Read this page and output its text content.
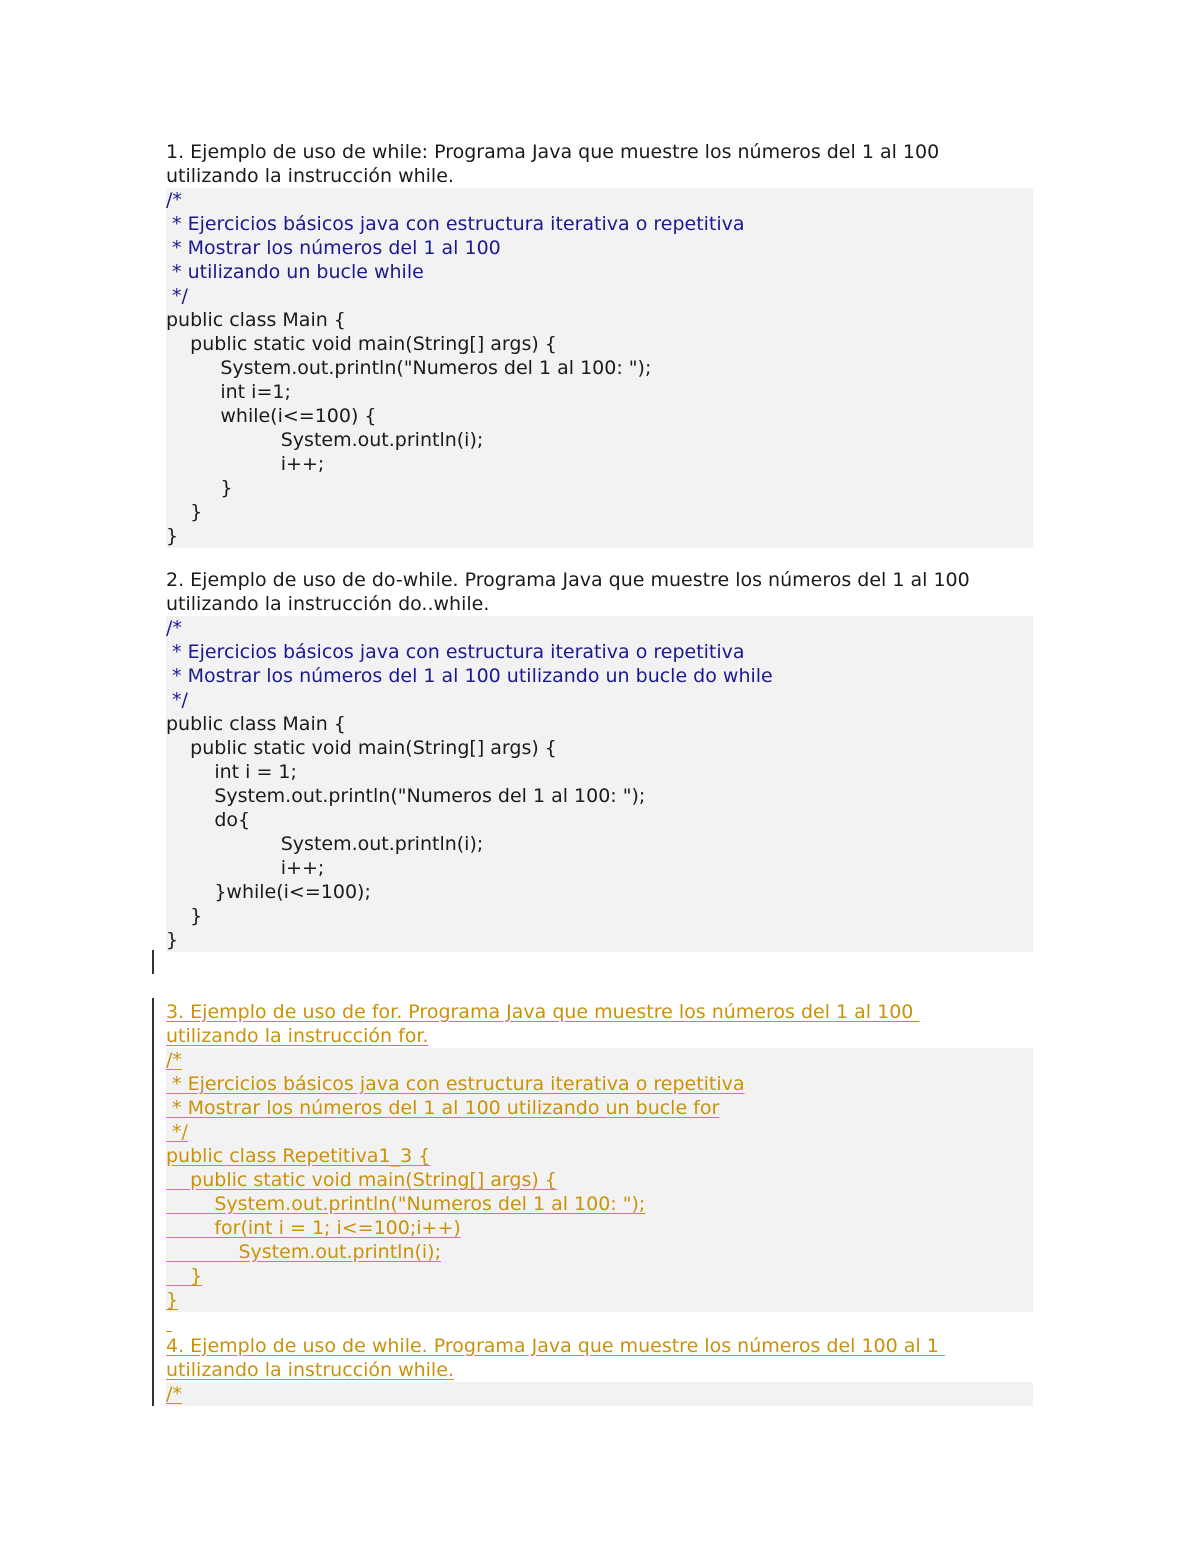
1. Ejemplo de uso de while: Programa Java que muestre los números del 1 al 100
utilizando la instrucción while.
/*
* Ejercicios básicos java con estructura iterativa o repetitiva
* Mostrar los números del 1 al 100
* utilizando un bucle while
*/
public class Main {
public static void main(String[] args) {
System.out.println("Numeros del 1 al 100: ");
int i=1;
while(i<=100) {
System.out.println(i);
i++;
}
}
}
2. Ejemplo de uso de do-while. Programa Java que muestre los números del 1 al 100
utilizando la instrucción do..while.
/*
* Ejercicios básicos java con estructura iterativa o repetitiva
* Mostrar los números del 1 al 100 utilizando un bucle do while
*/
public class Main {
public static void main(String[] args) {
int i = 1;
System.out.println("Numeros del 1 al 100: ");
do{
System.out.println(i);
i++;
}while(i<=100);
}
}
3. Ejemplo de uso de for. Programa Java que muestre los números del 1 al 100
utilizando la instrucción for.
/*
* Ejercicios básicos java con estructura iterativa o repetitiva
* Mostrar los números del 1 al 100 utilizando un bucle for
*/
public class Repetitiva1_3 {
public static void main(String[] args) {
System.out.println("Numeros del 1 al 100: ");
for(int i = 1; i<=100;i++)
System.out.println(i);
}
}

4. Ejemplo de uso de while. Programa Java que muestre los números del 100 al 1
utilizando la instrucción while.
/*
